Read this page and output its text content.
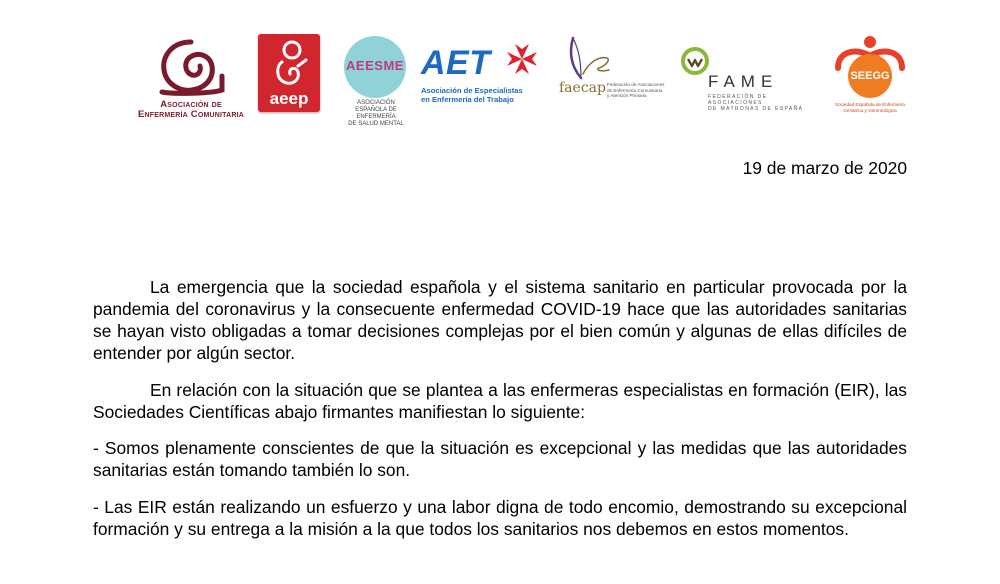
Asociación de
Enfermería Comunitaria
aeep
AEESME
ASOCIACIÓN
ESPAÑOLA DE ENFERMERÍA
DE SALUD MENTAL
AET
Asociación de Especialistas
en Enfermería del Trabajo
faecap Federación de Asociaciones
de Enfermería Comunitaria
y Atención Primaria
FAME
FEDERACIÓN DE ASOCIACIONES
DE MATRONAS DE ESPAÑA
SEEGG
Sociedad Española de Enfermería
Geriátrica y Gerontológica
19 de marzo de 2020

La emergencia que la sociedad española y el sistema sanitario en particular provocada por la pandemia del coronavirus y la consecuente enfermedad COVID-19 hace que las autoridades sanitarias se hayan visto obligadas a tomar decisiones complejas por el bien común y algunas de ellas difíciles de entender por algún sector.

En relación con la situación que se plantea a las enfermeras especialistas en formación (EIR), las Sociedades Científicas abajo firmantes manifiestan lo siguiente:

- Somos plenamente conscientes de que la situación es excepcional y las medidas que las autoridades sanitarias están tomando también lo son.

- Las EIR están realizando un esfuerzo y una labor digna de todo encomio, demostrando su excepcional formación y su entrega a la misión a la que todos los sanitarios nos debemos en estos momentos.
